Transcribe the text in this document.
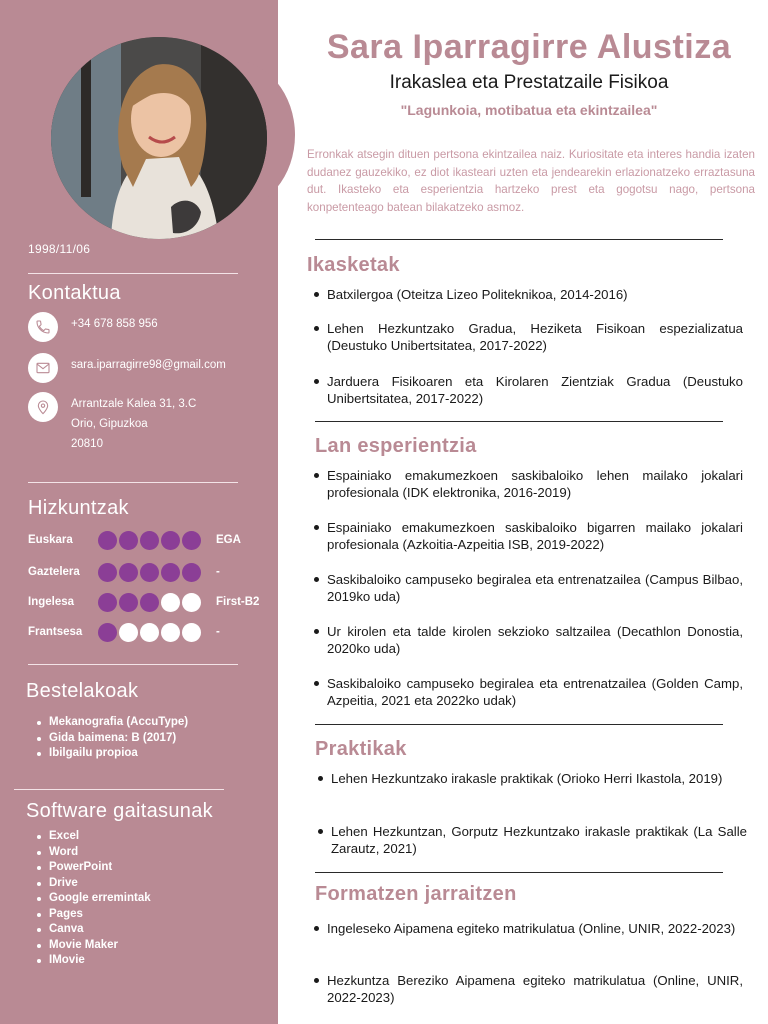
1998/11/06
Kontaktua
+34 678 858 956
sara.iparragirre98@gmail.com
Arrantzale Kalea 31, 3.C
Orio, Gipuzkoa
20810
Hizkuntzak
Euskara	EGA
Gaztelera	-
Ingelesa	First-B2
Frantsesa	-
Bestelakoak
Mekanografia (AccuType)
Gida baimena: B (2017)
Ibilgailu propioa
Software gaitasunak
Excel
Word
PowerPoint
Drive
Google erremintak
Pages
Canva
Movie Maker
IMovie
Sara Iparragirre Alustiza
Irakaslea eta Prestatzaile Fisikoa
"Lagunkoia, motibatua eta ekintzailea"

Erronkak atsegin dituen pertsona ekintzailea naiz. Kuriositate eta interes handia izaten dudanez gauzekiko, ez diot ikasteari uzten eta jendearekin erlazionatzeko erraztasuna dut. Ikasteko eta esperientzia hartzeko prest eta gogotsu nago, pertsona konpetenteago batean bilakatzeko asmoz.

Ikasketak
Batxilergoa (Oteitza Lizeo Politeknikoa, 2014-2016)
Lehen Hezkuntzako Gradua, Heziketa Fisikoan espezializatua (Deustuko Unibertsitatea, 2017-2022)
Jarduera Fisikoaren eta Kirolaren Zientziak Gradua (Deustuko Unibertsitatea, 2017-2022)
Lan esperientzia
Espainiako emakumezkoen saskibaloiko lehen mailako jokalari profesionala (IDK elektronika, 2016-2019)
Espainiako emakumezkoen saskibaloiko bigarren mailako jokalari profesionala (Azkoitia-Azpeitia ISB, 2019-2022)
Saskibaloiko campuseko begiralea eta entrenatzailea (Campus Bilbao, 2019ko uda)
Ur kirolen eta talde kirolen sekzioko saltzailea (Decathlon Donostia, 2020ko uda)
Saskibaloiko campuseko begiralea eta entrenatzailea (Golden Camp, Azpeitia, 2021 eta 2022ko udak)
Praktikak
Lehen Hezkuntzako irakasle praktikak (Orioko Herri Ikastola, 2019)
Lehen Hezkuntzan, Gorputz Hezkuntzako irakasle praktikak (La Salle Zarautz, 2021)
Formatzen jarraitzen
Ingeleseko Aipamena egiteko matrikulatua (Online, UNIR, 2022-2023)
Hezkuntza Bereziko Aipamena egiteko matrikulatua (Online, UNIR, 2022-2023)
